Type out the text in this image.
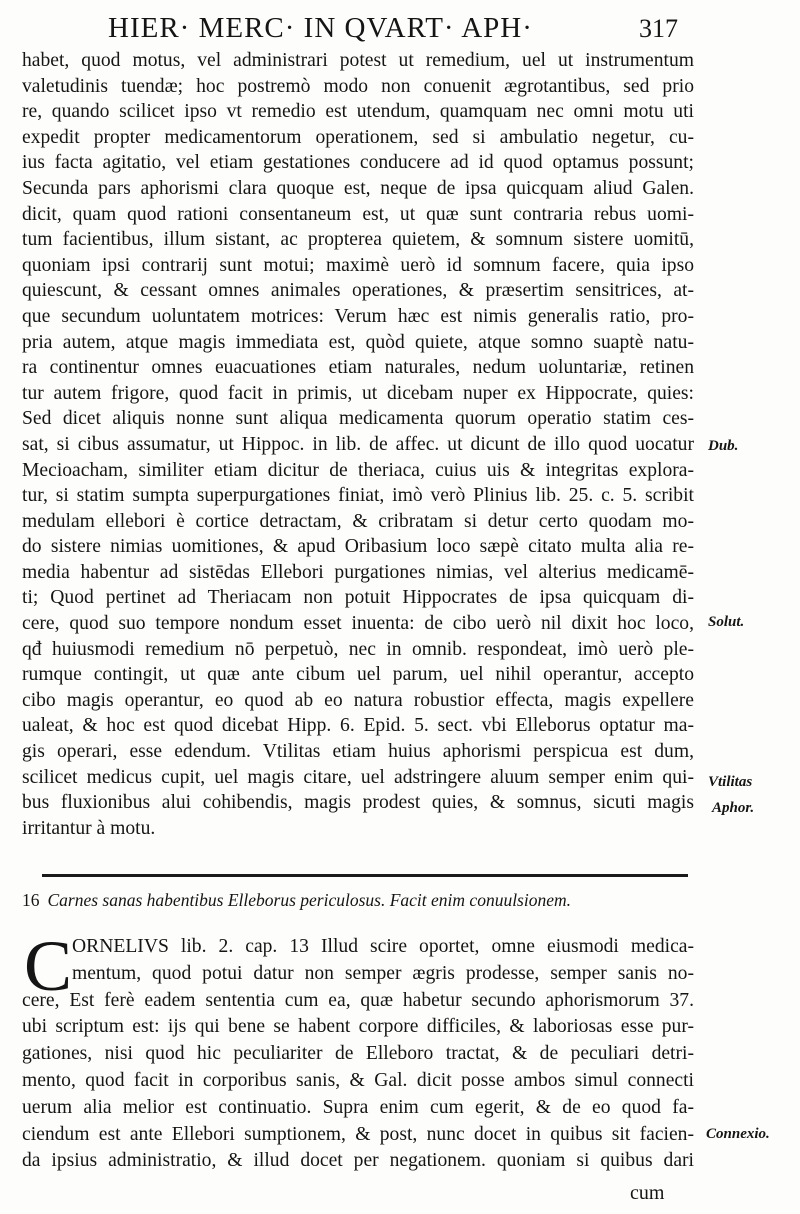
HIER· MERC· IN QVART· APH·	317
habet, quod motus, vel administrari potest ut remedium, uel ut instrumentum
valetudinis tuendæ; hoc postremò modo non conuenit ægrotantibus, sed prio
re, quando scilicet ipso vt remedio est utendum, quamquam nec omni motu uti
expedit propter medicamentorum operationem, sed si ambulatio negetur, cu-
ius facta agitatio, vel etiam gestationes conducere ad id quod optamus possunt;
Secunda pars aphorismi clara quoque est, neque de ipsa quicquam aliud Galen.
dicit, quam quod rationi consentaneum est, ut quæ sunt contraria rebus uomi-
tum facientibus, illum sistant, ac propterea quietem, & somnum sistere uomitū,
quoniam ipsi contrarij sunt motui; maximè uerò id somnum facere, quia ipso
quiescunt, & cessant omnes animales operationes, & præsertim sensitrices, at-
que secundum uoluntatem motrices: Verum hæc est nimis generalis ratio, pro-
pria autem, atque magis immediata est, quòd quiete, atque somno suaptè natu-
ra continentur omnes euacuationes etiam naturales, nedum uoluntariæ, retinen
tur autem frigore, quod facit in primis, ut dicebam nuper ex Hippocrate, quies:
Sed dicet aliquis nonne sunt aliqua medicamenta quorum operatio statim ces-
sat, si cibus assumatur, ut Hippoc. in lib. de affec. ut dicunt de illo quod uocatur
Mecioacham, similiter etiam dicitur de theriaca, cuius uis & integritas explora-
tur, si statim sumpta superpurgationes finiat, imò verò Plinius lib. 25. c. 5. scribit
medulam ellebori è cortice detractam, & cribratam si detur certo quodam mo-
do sistere nimias uomitiones, & apud Oribasium loco sæpè citato multa alia re-
media habentur ad sistēdas Ellebori purgationes nimias, vel alterius medicamē-
ti; Quod pertinet ad Theriacam non potuit Hippocrates de ipsa quicquam di-
cere, quod suo tempore nondum esset inuenta: de cibo uerò nil dixit hoc loco,
qđ huiusmodi remedium nō perpetuò, nec in omnib. respondeat, imò uerò ple-
rumque contingit, ut quæ ante cibum uel parum, uel nihil operantur, accepto
cibo magis operantur, eo quod ab eo natura robustior effecta, magis expellere
ualeat, & hoc est quod dicebat Hipp. 6. Epid. 5. sect. vbi Elleborus optatur ma-
gis operari, esse edendum. Vtilitas etiam huius aphorismi perspicua est dum,
scilicet medicus cupit, uel magis citare, uel adstringere aluum semper enim qui-
bus fluxionibus alui cohibendis, magis prodest quies, & somnus, sicuti magis
irritantur à motu.
16 Carnes sanas habentibus Elleborus periculosus. Facit enim conuulsionem.
C ORNELIVS lib. 2. cap. 13 Illud scire oportet, omne eiusmodi medica-
mentum, quod potui datur non semper ægris prodesse, semper sanis no-
cere, Est ferè eadem sententia cum ea, quæ habetur secundo aphorismorum 37.
ubi scriptum est: ijs qui bene se habent corpore difficiles, & laboriosas esse pur-
gationes, nisi quod hic peculiariter de Elleboro tractat, & de peculiari detri-
mento, quod facit in corporibus sanis, & Gal. dicit posse ambos simul connecti
uerum alia melior est continuatio. Supra enim cum egerit, & de eo quod fa-
ciendum est ante Ellebori sumptionem, & post, nunc docet in quibus sit facien-
da ipsius administratio, & illud docet per negationem. quoniam si quibus dari
cum
Dub.
Solut.
Vtilitas
Aphor.
Connexio.
